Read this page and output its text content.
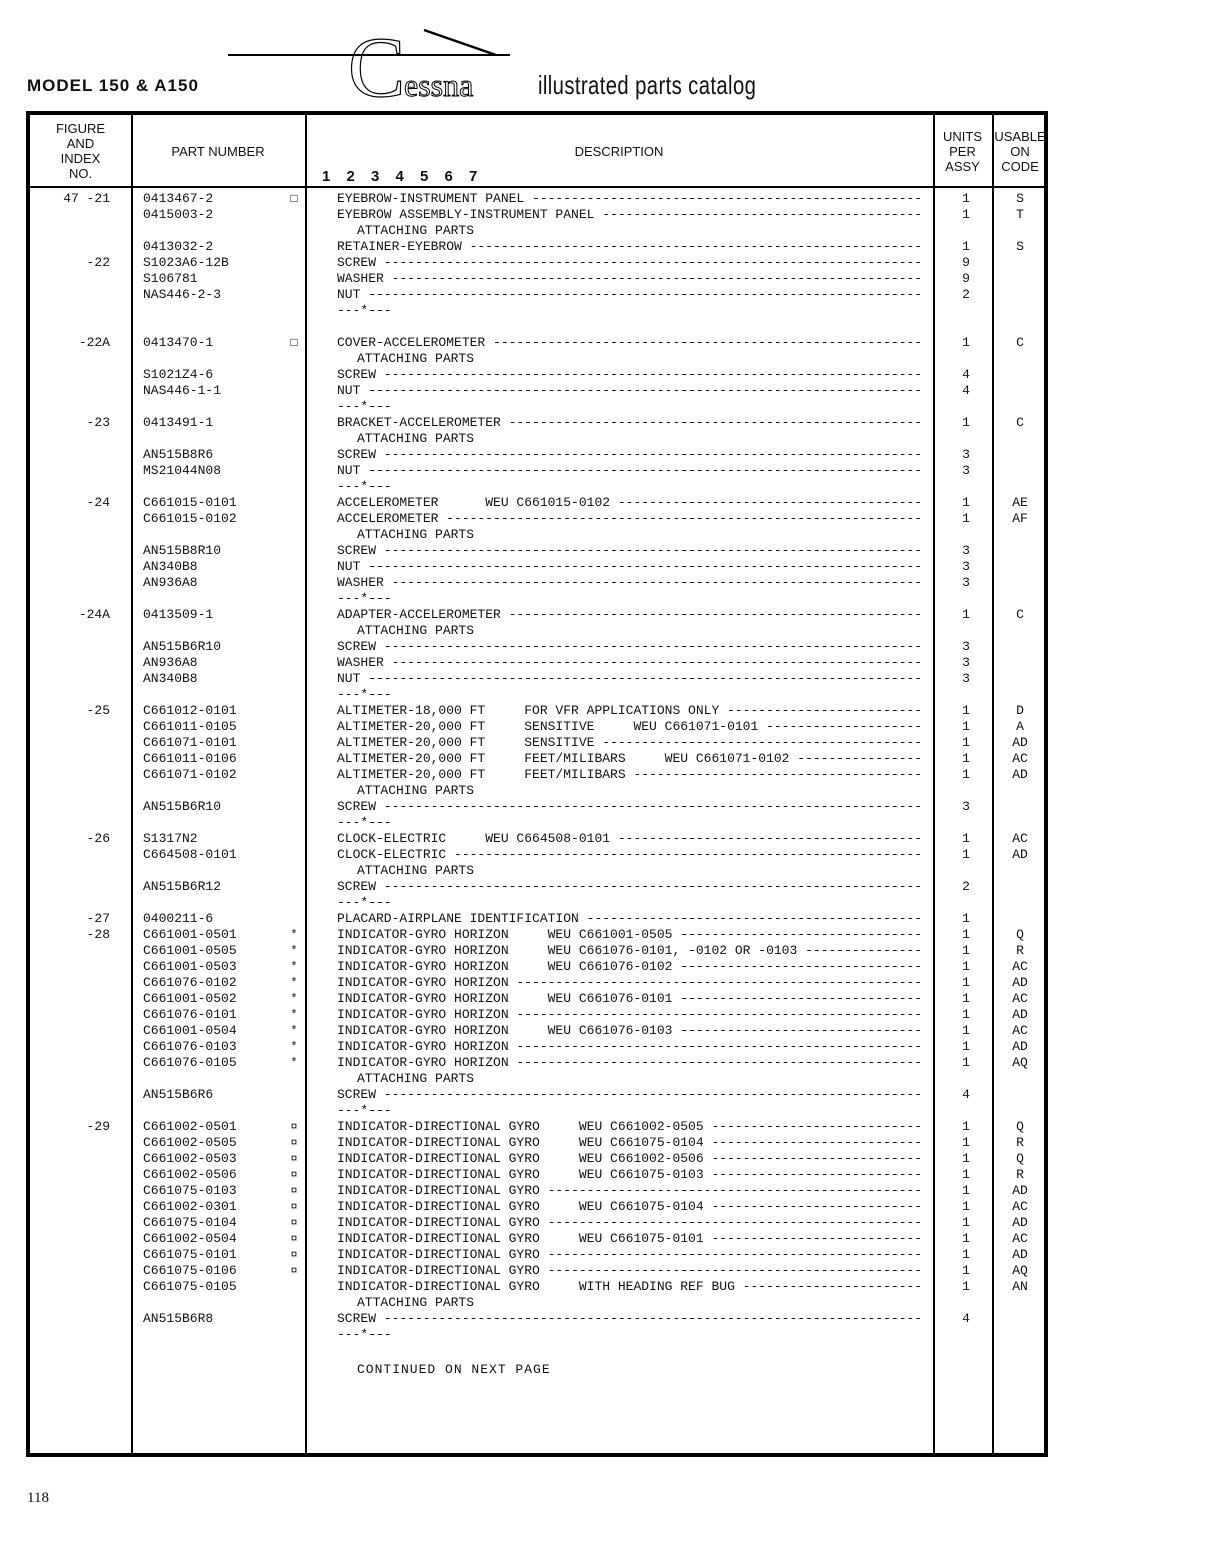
MODEL 150 & A150 C
essna illustrated parts catalog
FIGURE
AND
INDEX
NO.
PART NUMBER	DESCRIPTION
1 2 3 4 5 6 7
UNITS
PER
ASSY
USABLE
ON
CODE
47 -21	0413467-2	□	EYEBROW-INSTRUMENT PANEL --------------------------------------------------	1	S
0415003-2	EYEBROW ASSEMBLY-INSTRUMENT PANEL -----------------------------------------	1	T
ATTACHING PARTS
0413032-2	RETAINER-EYEBROW ----------------------------------------------------------	1	S
-22	S1023A6-12B	SCREW ---------------------------------------------------------------------	9
S106781	WASHER --------------------------------------------------------------------	9
NAS446-2-3	NUT -----------------------------------------------------------------------	2
---*---
-22A	0413470-1	□	COVER-ACCELEROMETER -------------------------------------------------------	1	C
ATTACHING PARTS
S1021Z4-6	SCREW ---------------------------------------------------------------------	4
NAS446-1-1	NUT -----------------------------------------------------------------------	4
---*---
-23	0413491-1	BRACKET-ACCELEROMETER -----------------------------------------------------	1	C
ATTACHING PARTS
AN515B8R6	SCREW ---------------------------------------------------------------------	3
MS21044N08	NUT -----------------------------------------------------------------------	3
---*---
-24	C661015-0101	ACCELEROMETER      WEU C661015-0102 ---------------------------------------	1	AE
C661015-0102	ACCELEROMETER -------------------------------------------------------------	1	AF
ATTACHING PARTS
AN515B8R10	SCREW ---------------------------------------------------------------------	3
AN340B8	NUT -----------------------------------------------------------------------	3
AN936A8	WASHER --------------------------------------------------------------------	3
---*---
-24A	0413509-1	ADAPTER-ACCELEROMETER -----------------------------------------------------	1	C
ATTACHING PARTS
AN515B6R10	SCREW ---------------------------------------------------------------------	3
AN936A8	WASHER --------------------------------------------------------------------	3
AN340B8	NUT -----------------------------------------------------------------------	3
---*---
-25	C661012-0101	ALTIMETER-18,000 FT     FOR VFR APPLICATIONS ONLY -------------------------	1	D
C661011-0105	ALTIMETER-20,000 FT     SENSITIVE     WEU C661071-0101 --------------------	1	A
C661071-0101	ALTIMETER-20,000 FT     SENSITIVE -----------------------------------------	1	AD
C661011-0106	ALTIMETER-20,000 FT     FEET/MILIBARS     WEU C661071-0102 ----------------	1	AC
C661071-0102	ALTIMETER-20,000 FT     FEET/MILIBARS -------------------------------------	1	AD
ATTACHING PARTS
AN515B6R10	SCREW ---------------------------------------------------------------------	3
---*---
-26	S1317N2	CLOCK-ELECTRIC     WEU C664508-0101 ---------------------------------------	1	AC
C664508-0101	CLOCK-ELECTRIC ------------------------------------------------------------	1	AD
ATTACHING PARTS
AN515B6R12	SCREW ---------------------------------------------------------------------	2
---*---
-27	0400211-6	PLACARD-AIRPLANE IDENTIFICATION -------------------------------------------	1
-28	C661001-0501	*	INDICATOR-GYRO HORIZON     WEU C661001-0505 -------------------------------	1	Q
C661001-0505	*	INDICATOR-GYRO HORIZON     WEU C661076-0101, -0102 OR -0103 ---------------	1	R
C661001-0503	*	INDICATOR-GYRO HORIZON     WEU C661076-0102 -------------------------------	1	AC
C661076-0102	*	INDICATOR-GYRO HORIZON ----------------------------------------------------	1	AD
C661001-0502	*	INDICATOR-GYRO HORIZON     WEU C661076-0101 -------------------------------	1	AC
C661076-0101	*	INDICATOR-GYRO HORIZON ----------------------------------------------------	1	AD
C661001-0504	*	INDICATOR-GYRO HORIZON     WEU C661076-0103 -------------------------------	1	AC
C661076-0103	*	INDICATOR-GYRO HORIZON ----------------------------------------------------	1	AD
C661076-0105	*	INDICATOR-GYRO HORIZON ----------------------------------------------------	1	AQ
ATTACHING PARTS
AN515B6R6	SCREW ---------------------------------------------------------------------	4
---*---
-29	C661002-0501	¤	INDICATOR-DIRECTIONAL GYRO     WEU C661002-0505 ---------------------------	1	Q
C661002-0505	¤	INDICATOR-DIRECTIONAL GYRO     WEU C661075-0104 ---------------------------	1	R
C661002-0503	¤	INDICATOR-DIRECTIONAL GYRO     WEU C661002-0506 ---------------------------	1	Q
C661002-0506	¤	INDICATOR-DIRECTIONAL GYRO     WEU C661075-0103 ---------------------------	1	R
C661075-0103	¤	INDICATOR-DIRECTIONAL GYRO ------------------------------------------------	1	AD
C661002-0301	¤	INDICATOR-DIRECTIONAL GYRO     WEU C661075-0104 ---------------------------	1	AC
C661075-0104	¤	INDICATOR-DIRECTIONAL GYRO ------------------------------------------------	1	AD
C661002-0504	¤	INDICATOR-DIRECTIONAL GYRO     WEU C661075-0101 ---------------------------	1	AC
C661075-0101	¤	INDICATOR-DIRECTIONAL GYRO ------------------------------------------------	1	AD
C661075-0106	¤	INDICATOR-DIRECTIONAL GYRO ------------------------------------------------	1	AQ
C661075-0105	INDICATOR-DIRECTIONAL GYRO     WITH HEADING REF BUG -----------------------	1	AN
ATTACHING PARTS
AN515B6R8	SCREW ---------------------------------------------------------------------	4
---*---
CONTINUED ON NEXT PAGE
118
